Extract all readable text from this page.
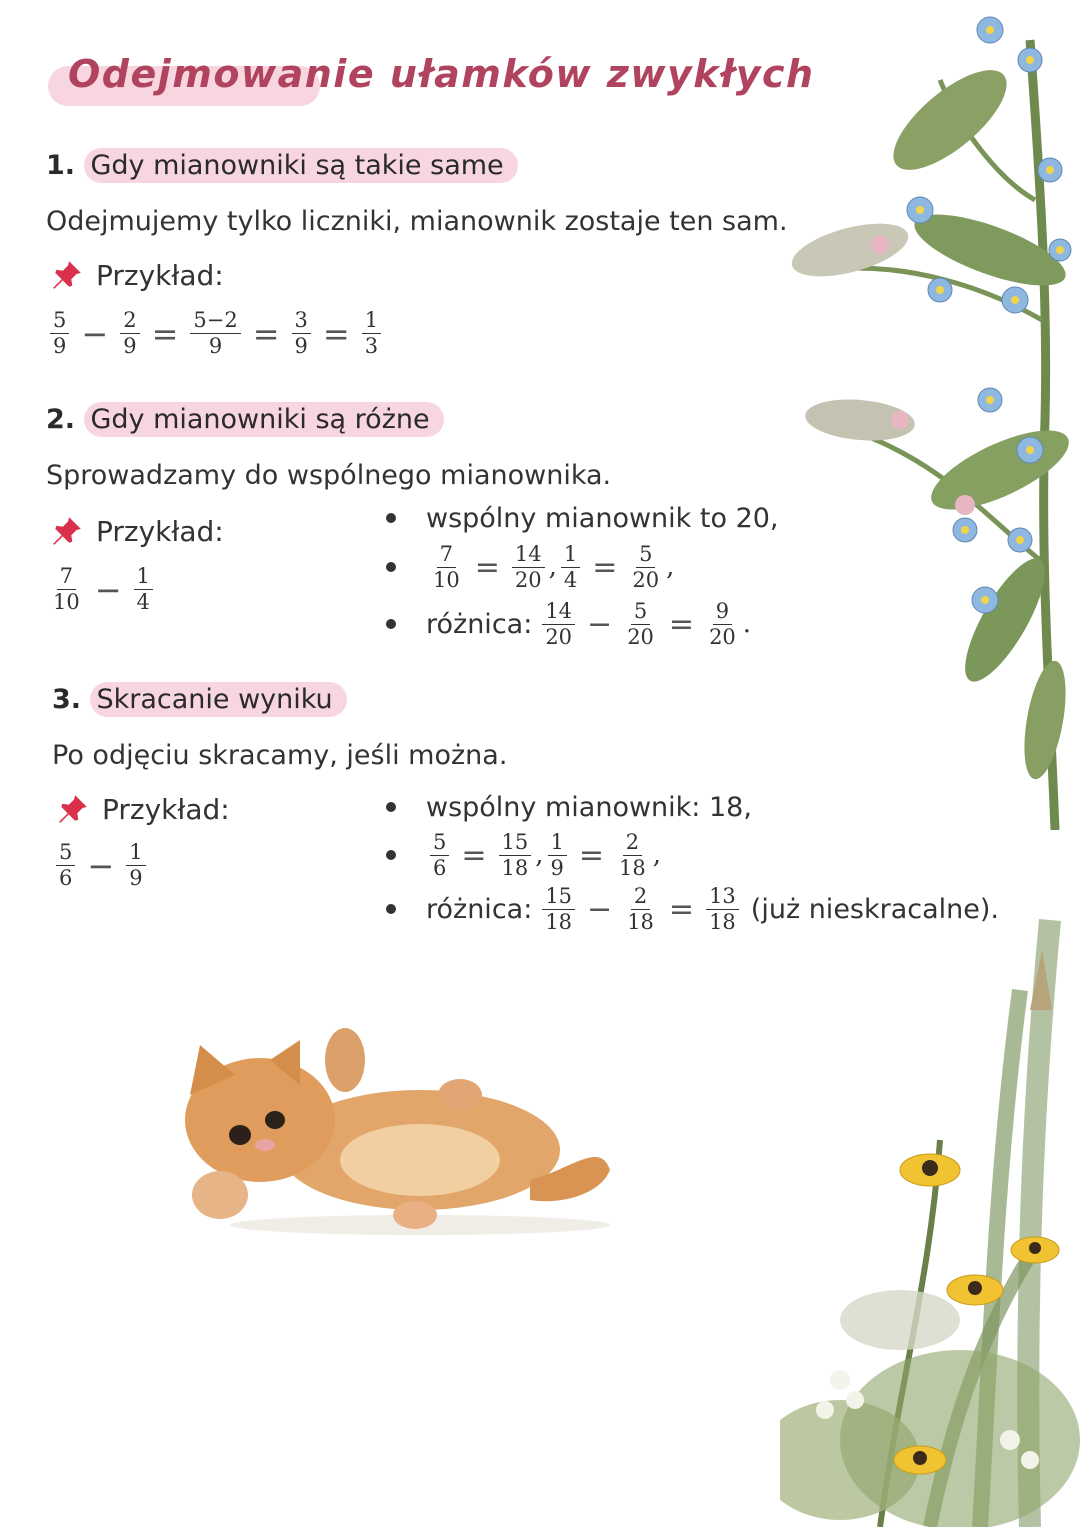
Odejmowanie ułamków zwykłych
1. Gdy mianowniki są takie same
Odejmujemy tylko liczniki, mianownik zostaje ten sam.
Przykład:
$\frac{5}{9} - \frac{2}{9} = \frac{5-2}{9} = \frac{3}{9} = \frac{1}{3}$
2. Gdy mianowniki są różne
Sprowadzamy do wspólnego mianownika.
Przykład:
$\frac{7}{10} - \frac{1}{4}$
wspólny mianownik to 20,
$\frac{7}{10} = \frac{14}{20}$ , $\frac{1}{4} = \frac{5}{20}$ ,
różnica: $\frac{14}{20} - \frac{5}{20} = \frac{9}{20}$ .
3. Skracanie wyniku
Po odjęciu skracamy, jeśli można.
Przykład:
$\frac{5}{6} - \frac{1}{9}$
wspólny mianownik: 18,
$\frac{5}{6} = \frac{15}{18}$ , $\frac{1}{9} = \frac{2}{18}$ ,
różnica: $\frac{15}{18} - \frac{2}{18} = \frac{13}{18}$ (już nieskracalne).
